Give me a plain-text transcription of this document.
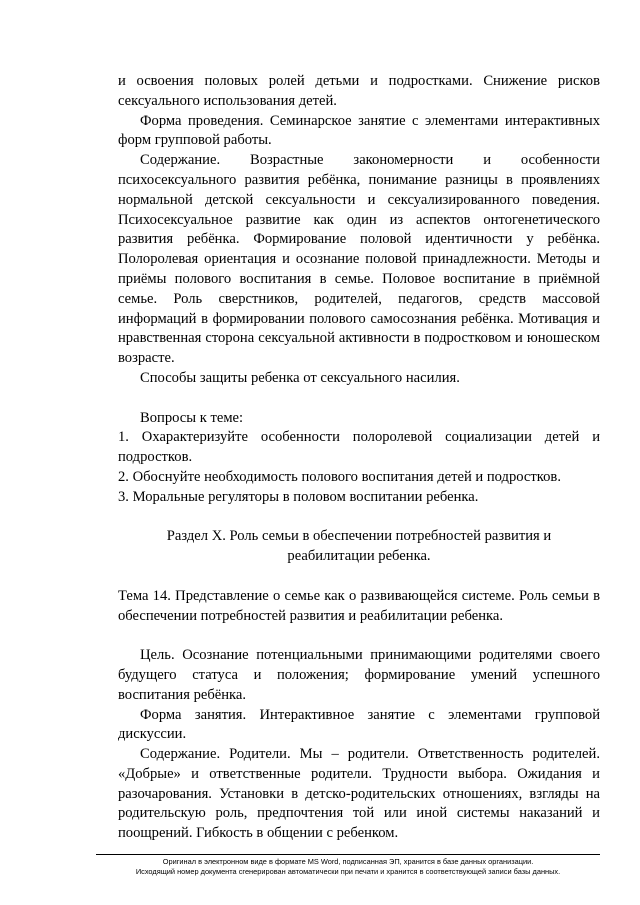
и освоения половых ролей детьми и подростками. Снижение рисков сексуального использования детей.

Форма проведения. Семинарское занятие с элементами интерактивных форм групповой работы.

Содержание. Возрастные закономерности и особенности психосексуального развития ребёнка, понимание разницы в проявлениях нормальной детской сексуальности и сексуализированного поведения. Психосексуальное развитие как один из аспектов онтогенетического развития ребёнка. Формирование половой идентичности у ребёнка. Полоролевая ориентация и осознание половой принадлежности. Методы и приёмы полового воспитания в семье. Половое воспитание в приёмной семье. Роль сверстников, родителей, педагогов, средств массовой информаций в формировании полового самосознания ребёнка. Мотивация и нравственная сторона сексуальной активности в подростковом и юношеском возрасте.

Способы защиты ребенка от сексуального насилия.

Вопросы к теме:

1. Охарактеризуйте особенности полоролевой социализации детей и подростков.

2. Обоснуйте необходимость полового воспитания детей и подростков.

3. Моральные регуляторы в половом воспитании ребенка.

Раздел X. Роль семьи в обеспечении потребностей развития и

реабилитации ребенка.

Тема 14. Представление о семье как о развивающейся системе. Роль семьи в обеспечении потребностей развития и реабилитации ребенка.

Цель. Осознание потенциальными принимающими родителями своего будущего статуса и положения; формирование умений успешного воспитания ребёнка.

Форма занятия. Интерактивное занятие с элементами групповой дискуссии.

Содержание. Родители. Мы – родители. Ответственность родителей. «Добрые» и ответственные родители. Трудности выбора. Ожидания и разочарования. Установки в детско-родительских отношениях, взгляды на родительскую роль, предпочтения той или иной системы наказаний и поощрений. Гибкость в общении с ребенком.

Оригинал в электронном виде в формате MS Word, подписанная ЭП, хранится в базе данных организации.
Исходящий номер документа сгенерирован автоматически при печати и хранится в соответствующей записи базы данных.
